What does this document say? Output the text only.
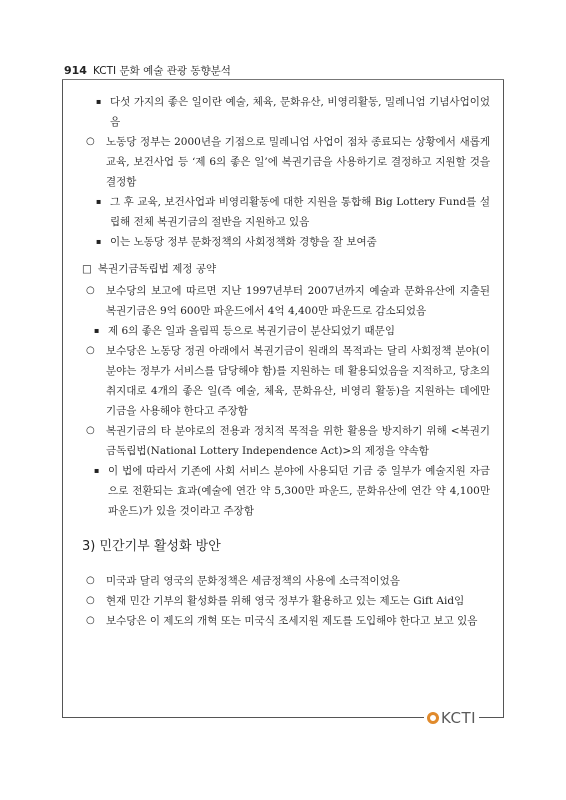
914 KCTI 문화 예술 관광 동향분석
▪ 다섯 가지의 좋은 일이란 예술, 체육, 문화유산, 비영리활동, 밀레니엄 기념사업이었음
○ 노동당 정부는 2000년을 기점으로 밀레니엄 사업이 점차 종료되는 상황에서 새롭게 교육, 보건사업 등 ‘제 6의 좋은 일’에 복권기금을 사용하기로 결정하고 지원할 것을 결정함
▪ 그 후 교육, 보건사업과 비영리활동에 대한 지원을 통합해 Big Lottery Fund를 설립해 전체 복권기금의 절반을 지원하고 있음
▪ 이는 노동당 정부 문화정책의 사회정책화 경향을 잘 보여줌
□ 복권기금독립법 제정 공약
○ 보수당의 보고에 따르면 지난 1997년부터 2007년까지 예술과 문화유산에 지출된 복권기금은 9억 600만 파운드에서 4억 4,400만 파운드로 감소되었음
▪ 제 6의 좋은 일과 올림픽 등으로 복권기금이 분산되었기 때문임
○ 보수당은 노동당 정권 아래에서 복권기금이 원래의 목적과는 달리 사회정책 분야(이 분야는 정부가 서비스를 담당해야 함)를 지원하는 데 활용되었음을 지적하고, 당초의 취지대로 4개의 좋은 일(즉 예술, 체육, 문화유산, 비영리 활동)을 지원하는 데에만 기금을 사용해야 한다고 주장함
○ 복권기금의 타 분야로의 전용과 정치적 목적을 위한 활용을 방지하기 위해 <복권기금독립법(National Lottery Independence Act)>의 제정을 약속함
▪ 이 법에 따라서 기존에 사회 서비스 분야에 사용되던 기금 중 일부가 예술지원 자금으로 전환되는 효과(예술에 연간 약 5,300만 파운드, 문화유산에 연간 약 4,100만 파운드)가 있을 것이라고 주장함
3) 민간기부 활성화 방안
○ 미국과 달리 영국의 문화정책은 세금정책의 사용에 소극적이었음
○ 현재 민간 기부의 활성화를 위해 영국 정부가 활용하고 있는 제도는 Gift Aid임
○ 보수당은 이 제도의 개혁 또는 미국식 조세지원 제도를 도입해야 한다고 보고 있음
KCTI
